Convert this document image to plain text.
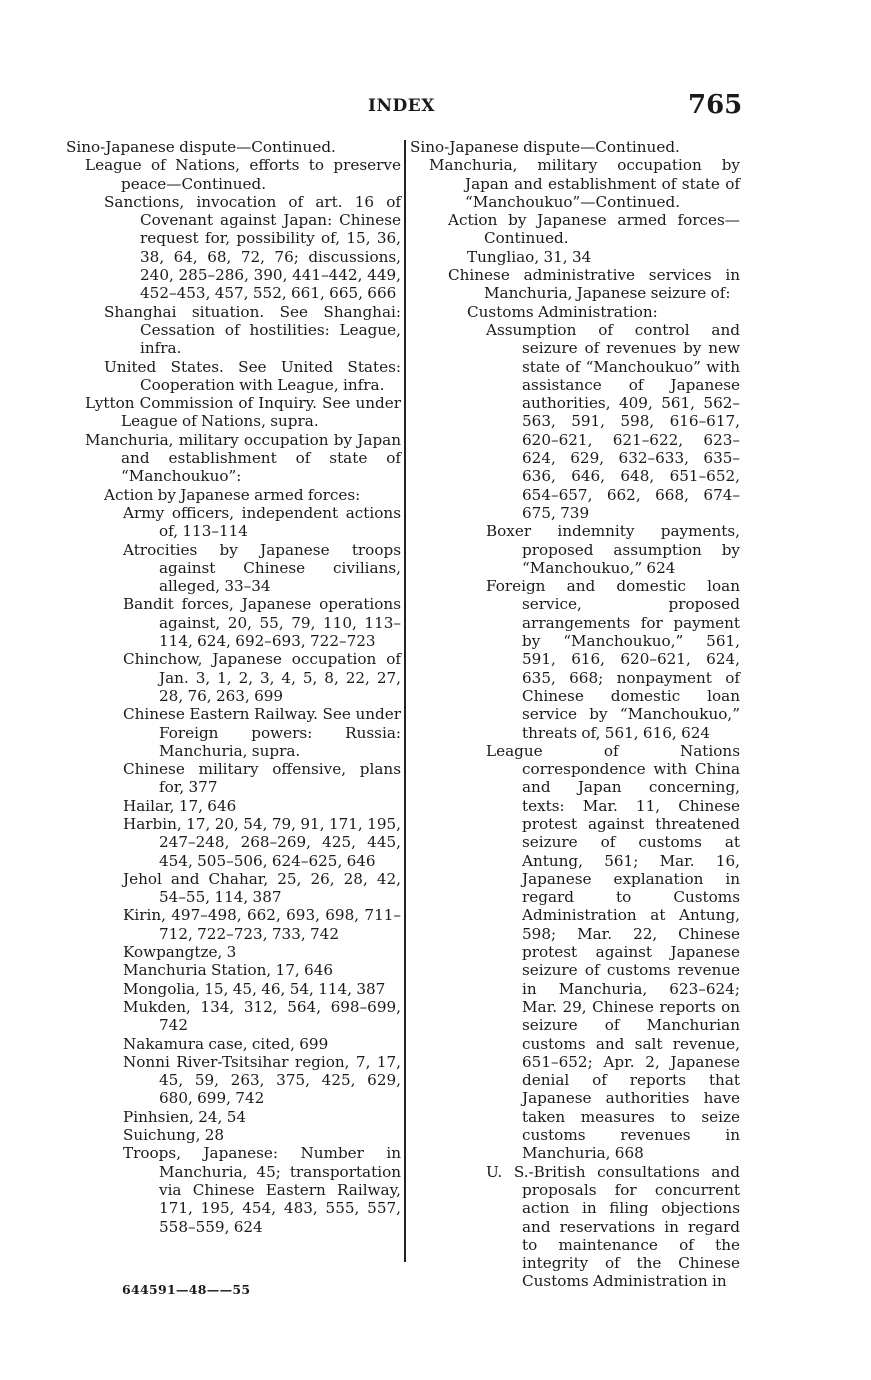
INDEX	765

Sino-Japanese dispute—Continued.

League of Nations, efforts to preserve peace—Continued.

Sanctions, invocation of art. 16 of Covenant against Japan: Chinese request for, possibility of, 15, 36, 38, 64, 68, 72, 76; discussions, 240, 285–286, 390, 441–442, 449, 452–453, 457, 552, 661, 665, 666

Shanghai situation. See Shanghai: Cessation of hostilities: League, infra.

United States. See United States: Cooperation with League, infra.

Lytton Commission of Inquiry. See under League of Nations, supra.

Manchuria, military occupation by Japan and establishment of state of “Manchoukuo”:

Action by Japanese armed forces:

Army officers, independent actions of, 113–114

Atrocities by Japanese troops against Chinese civilians, alleged, 33–34

Bandit forces, Japanese operations against, 20, 55, 79, 110, 113–114, 624, 692–693, 722–723

Chinchow, Japanese occupation of Jan. 3, 1, 2, 3, 4, 5, 8, 22, 27, 28, 76, 263, 699

Chinese Eastern Railway. See under Foreign powers: Russia: Manchuria, supra.

Chinese military offensive, plans for, 377

Hailar, 17, 646

Harbin, 17, 20, 54, 79, 91, 171, 195, 247–248, 268–269, 425, 445, 454, 505–506, 624–625, 646

Jehol and Chahar, 25, 26, 28, 42, 54–55, 114, 387

Kirin, 497–498, 662, 693, 698, 711–712, 722–723, 733, 742

Kowpangtze, 3

Manchuria Station, 17, 646

Mongolia, 15, 45, 46, 54, 114, 387

Mukden, 134, 312, 564, 698–699, 742

Nakamura case, cited, 699

Nonni River-Tsitsihar region, 7, 17, 45, 59, 263, 375, 425, 629, 680, 699, 742

Pinhsien, 24, 54

Suichung, 28

Troops, Japanese: Number in Manchuria, 45; transportation via Chinese Eastern Railway, 171, 195, 454, 483, 555, 557, 558–559, 624

Sino-Japanese dispute—Continued.

Manchuria, military occupation by Japan and establishment of state of “Manchoukuo”—Continued.

Action by Japanese armed forces—Continued.

Tungliao, 31, 34

Chinese administrative services in Manchuria, Japanese seizure of:

Customs Administration:

Assumption of control and seizure of revenues by new state of “Manchoukuo” with assistance of Japanese authorities, 409, 561, 562–563, 591, 598, 616–617, 620–621, 621–622, 623–624, 629, 632–633, 635–636, 646, 648, 651–652, 654–657, 662, 668, 674–675, 739

Boxer indemnity payments, proposed assumption by “Manchoukuo,” 624

Foreign and domestic loan service, proposed arrangements for payment by “Manchoukuo,” 561, 591, 616, 620–621, 624, 635, 668; nonpayment of Chinese domestic loan service by “Manchoukuo,” threats of, 561, 616, 624

League of Nations correspondence with China and Japan concerning, texts: Mar. 11, Chinese protest against threatened seizure of customs at Antung, 561; Mar. 16, Japanese explanation in regard to Customs Administration at Antung, 598; Mar. 22, Chinese protest against Japanese seizure of customs revenue in Manchuria, 623–624; Mar. 29, Chinese reports on seizure of Manchurian customs and salt revenue, 651–652; Apr. 2, Japanese denial of reports that Japanese authorities have taken measures to seize customs revenues in Manchuria, 668

U. S.-British consultations and proposals for concurrent action in filing objections and reservations in regard to maintenance of the integrity of the Chinese Customs Administration in

644591—48——55
